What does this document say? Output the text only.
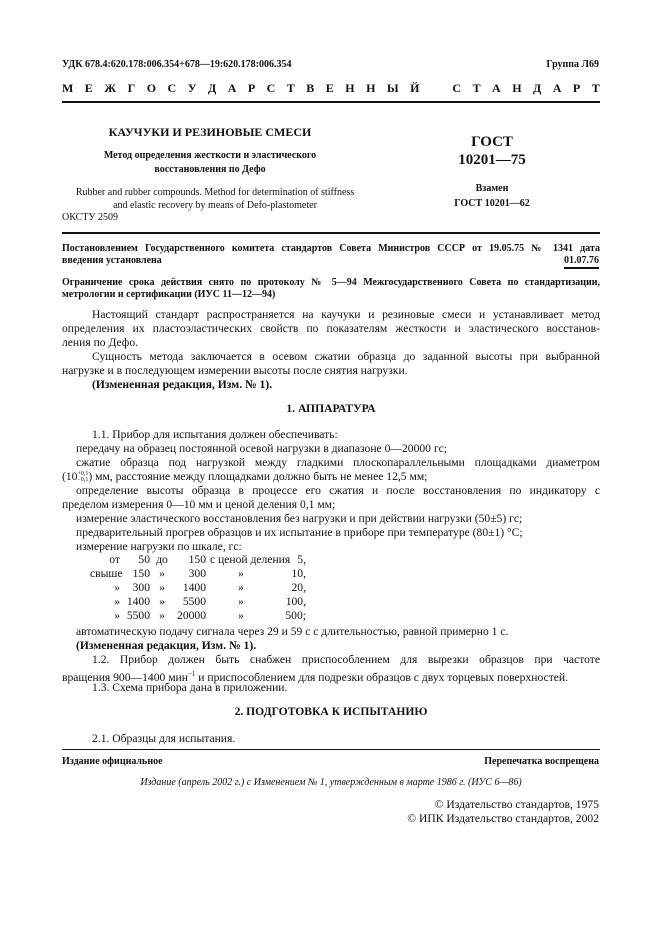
УДК 678.4:620.178:006.354+678—19:620.178:006.354	Группа Л69
М Е Ж Г О С У Д А Р С Т В Е Н Н Ы Й	С Т А Н Д А Р Т
КАУЧУКИ И РЕЗИНОВЫЕ СМЕСИ
Метод определения жесткости и эластического
восстановления по Дефо
Rubber and rubber compounds. Method for determination of stiffness
and elastic recovery by means of Defo-plastometer
ОКСТУ 2509
ГОСТ
10201—75
Взамен
ГОСТ 10201—62
Постановлением Государственного комитета стандартов Совета Министров СССР от 19.05.75 № 1341 дата
введения установлена	01.07.76
Ограничение срока действия снято по протоколу № 5—94 Межгосударственного Совета по стандартизации,
метрологии и сертификации (ИУС 11—12—94)
Настоящий стандарт распространяется на каучуки и резиновые смеси и устанавливает метод
определения их пластоэластических свойств по показателям жесткости и эластического восстанов-
ления по Дефо.
Сущность метода заключается в осевом сжатии образца до заданной высоты при выбранной
нагрузке и в последующем измерении высоты после снятия нагрузки.
(Измененная редакция, Изм. № 1).
1. АППАРАТУРА
1.1. Прибор для испытания должен обеспечивать:
передачу на образец постоянной осевой нагрузки в диапазоне 0—20000 гс;
сжатие образца под нагрузкой между гладкими плоскопараллельными площадками диаметром
(10 +0,1
−0,1 ) мм, расстояние между площадками должно быть не менее 12,5 мм;
определение высоты образца в процессе его сжатия и после восстановления по индикатору с
пределом измерения 0—10 мм и ценой деления 0,1 мм;
измерение эластического восстановления без нагрузки и при действии нагрузки (50±5) гс;
предварительный прогрев образцов и их испытание в приборе при температуре (80±1) °С;
измерение нагрузки по шкале, гс:
от	50 до	150 с ценой деления 5,
свыше 150 »	300	»	10,
»	300 »	1400	»	20,
» 1400 »	5500	»	100,
» 5500 »	20000	»	500;
автоматическую подачу сигнала через 29 и 59 с с длительностью, равной примерно 1 с.
(Измененная редакция, Изм. № 1).
1.2. Прибор должен быть снабжен приспособлением для вырезки образцов при частоте
вращения 900—1400 мин$^{-1}$ и приспособлением для подрезки образцов с двух торцевых поверхностей.
1.3. Схема прибора дана в приложении.
2. ПОДГОТОВКА К ИСПЫТАНИЮ
2.1. Образцы для испытания.
Издание официальное	Перепечатка воспрещена
Издание (апрель 2002 г.) с Изменением № 1, утвержденным в марте 1986 г. (ИУС 6—86)
© Издательство стандартов, 1975
© ИПК Издательство стандартов, 2002
